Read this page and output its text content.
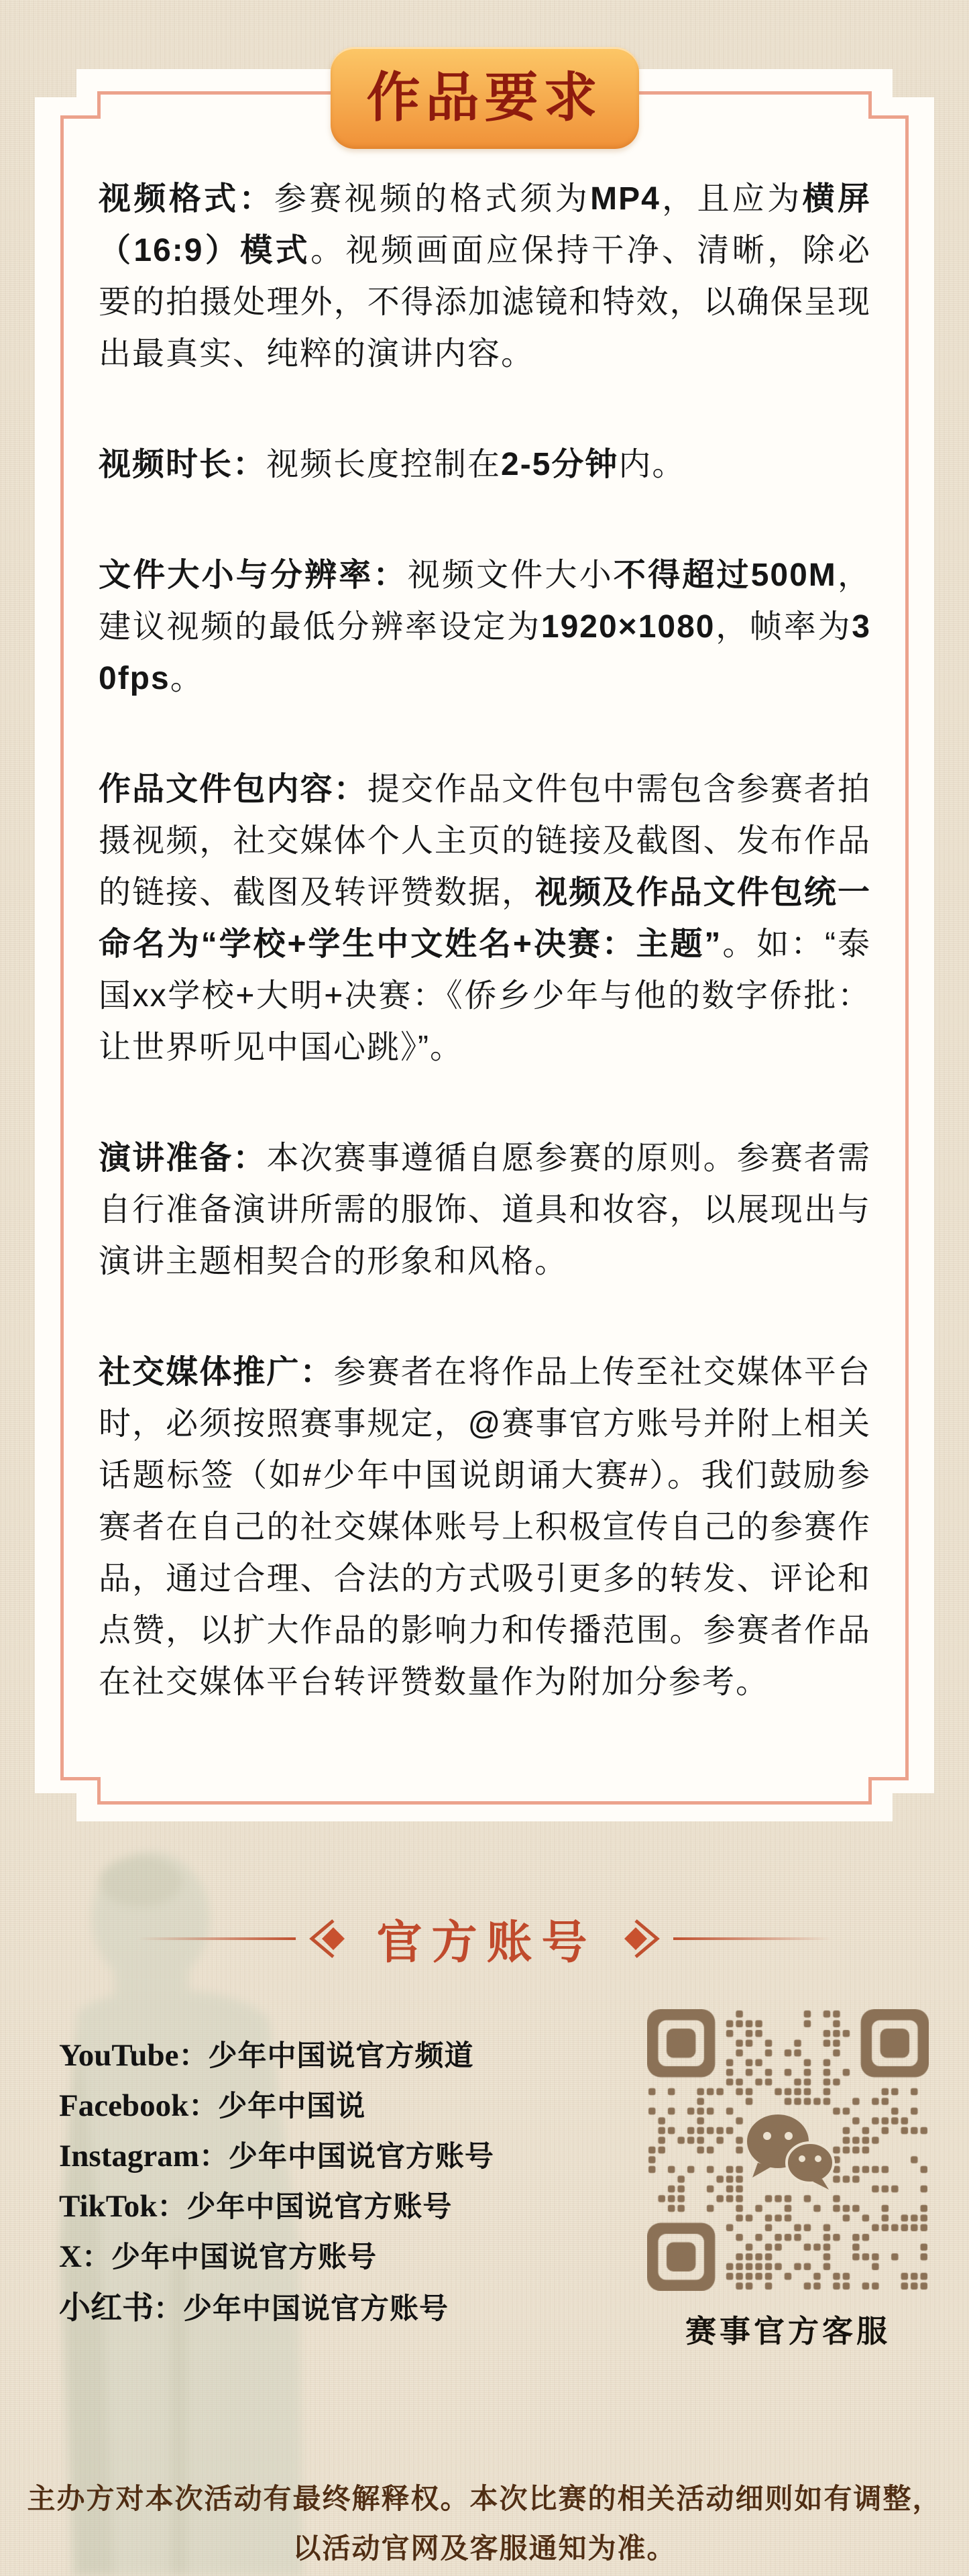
作品要求

视频格式：参赛视频的格式须为MP4，且应为横屏（16:9）模式。视频画面应保持干净、清晰，除必要的拍摄处理外，不得添加滤镜和特效，以确保呈现出最真实、纯粹的演讲内容。

视频时长：视频长度控制在2-5分钟内。

文件大小与分辨率：视频文件大小不得超过500M，建议视频的最低分辨率设定为1920×1080，帧率为30fps。

作品文件包内容：提交作品文件包中需包含参赛者拍摄视频，社交媒体个人主页的链接及截图、发布作品的链接、截图及转评赞数据，视频及作品文件包统一命名为“学校+学生中文姓名+决赛：主题”。如：“泰国xx学校+大明+决赛：《侨乡少年与他的数字侨批：让世界听见中国心跳》”。

演讲准备：本次赛事遵循自愿参赛的原则。参赛者需自行准备演讲所需的服饰、道具和妆容，以展现出与演讲主题相契合的形象和风格。

社交媒体推广：参赛者在将作品上传至社交媒体平台时，必须按照赛事规定，@赛事官方账号并附上相关话题标签（如#少年中国说朗诵大赛#）。我们鼓励参赛者在自己的社交媒体账号上积极宣传自己的参赛作品，通过合理、合法的方式吸引更多的转发、评论和点赞，以扩大作品的影响力和传播范围。参赛者作品在社交媒体平台转评赞数量作为附加分参考。

官方账号
YouTube ： 少年中国说官方频道
Facebook ： 少年中国说
Instagram ： 少年中国说官方账号
TikTok ： 少年中国说官方账号
X ： 少年中国说官方账号
小红书 ： 少年中国说官方账号
赛事官方客服
主办方对本次活动有最终解释权。本次比赛的相关活动细则如有调整，
以活动官网及客服通知为准。
